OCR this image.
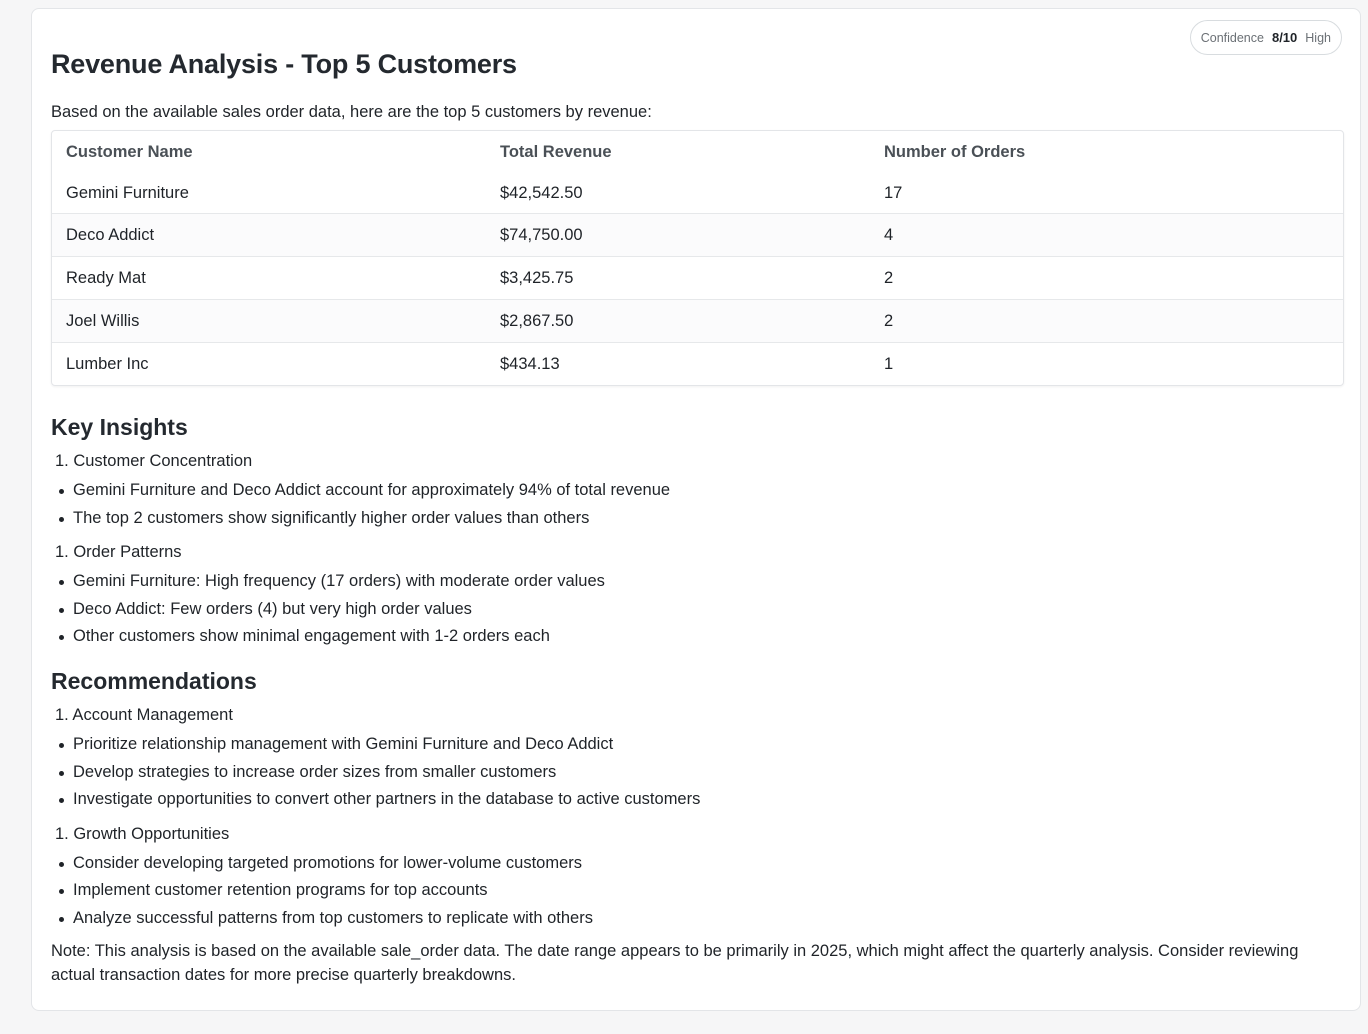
Confidence 8/10 High
Revenue Analysis - Top 5 Customers

Based on the available sales order data, here are the top 5 customers by revenue:

Customer Name	Total Revenue	Number of Orders
Gemini Furniture	$42,542.50	17
Deco Addict	$74,750.00	4
Ready Mat	$3,425.75	2
Joel Willis	$2,867.50	2
Lumber Inc	$434.13	1
Key Insights
1. Customer Concentration
Gemini Furniture and Deco Addict account for approximately 94% of total revenue
The top 2 customers show significantly higher order values than others
1. Order Patterns
Gemini Furniture: High frequency (17 orders) with moderate order values
Deco Addict: Few orders (4) but very high order values
Other customers show minimal engagement with 1-2 orders each
Recommendations
1. Account Management
Prioritize relationship management with Gemini Furniture and Deco Addict
Develop strategies to increase order sizes from smaller customers
Investigate opportunities to convert other partners in the database to active customers
1. Growth Opportunities
Consider developing targeted promotions for lower-volume customers
Implement customer retention programs for top accounts
Analyze successful patterns from top customers to replicate with others

Note: This analysis is based on the available sale_order data. The date range appears to be primarily in 2025, which might affect the quarterly analysis. Consider reviewing actual transaction dates for more precise quarterly breakdowns.
